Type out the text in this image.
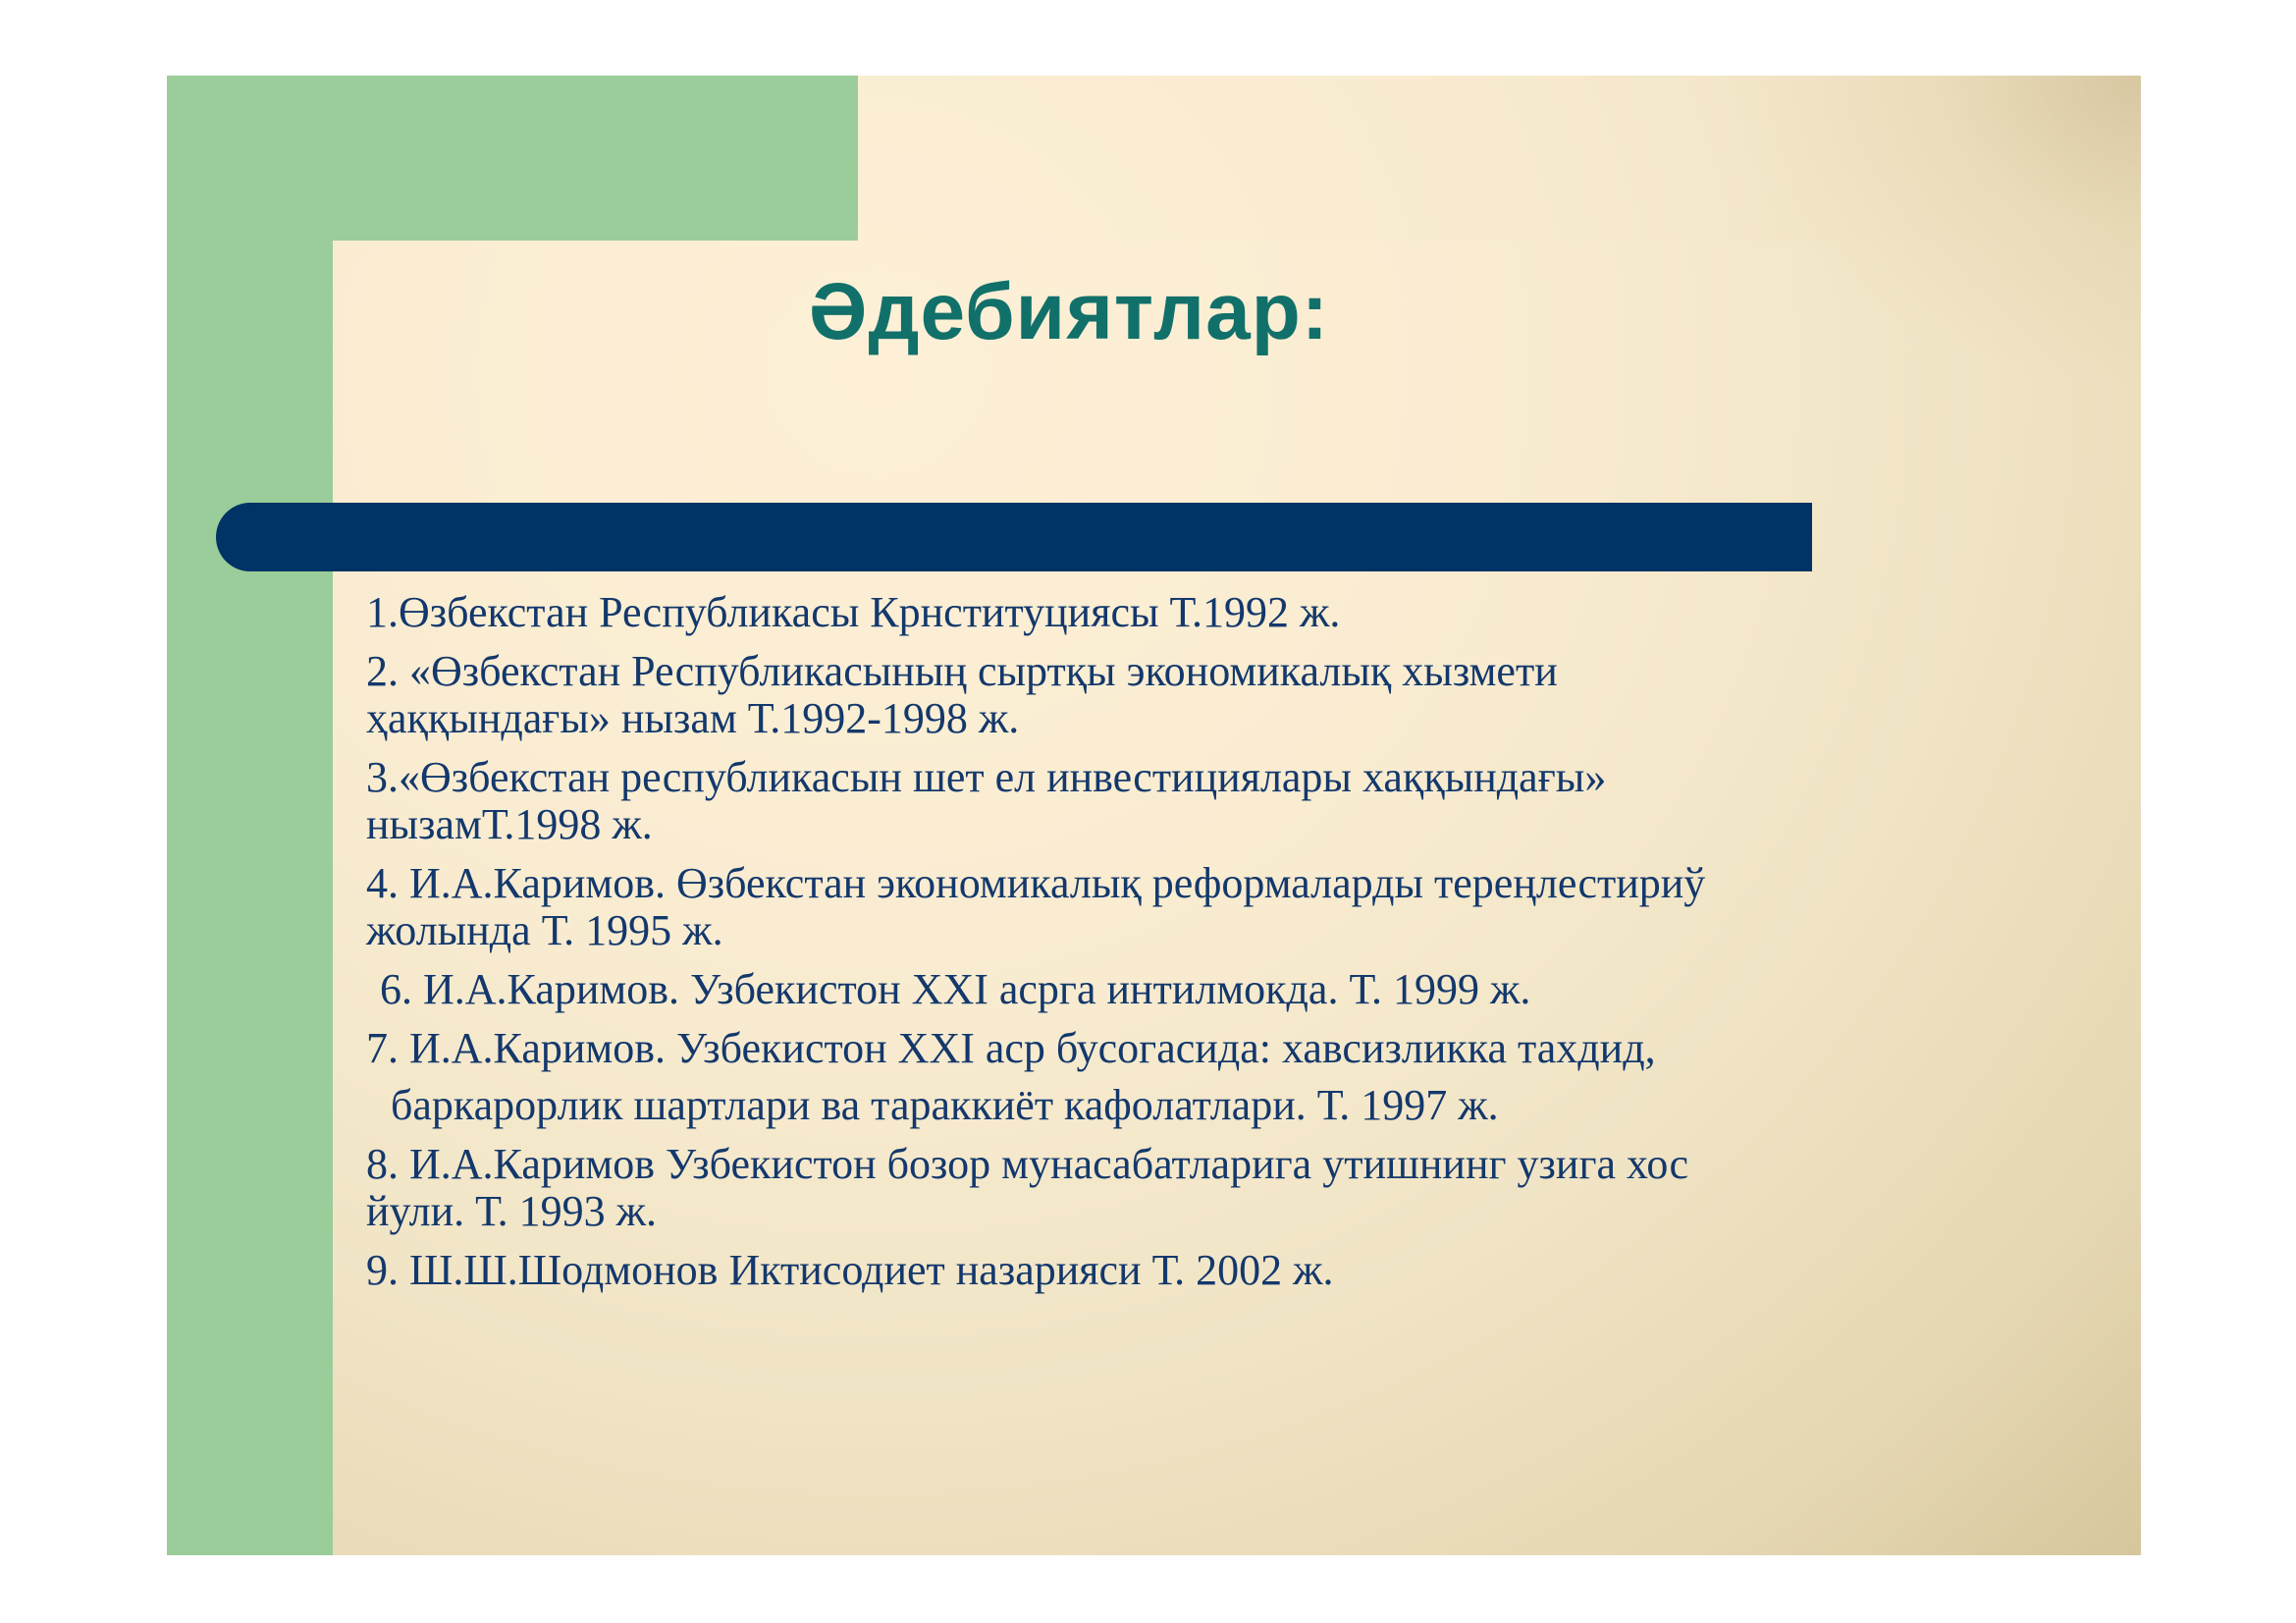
Әдебиятлар:
1.Өзбекстан Республикасы Крнституциясы Т.1992 ж.
2. «Өзбекстан Республикасының сыртқы экономикалық хызмети
ҳаққындағы» нызам Т.1992-1998 ж.
3.«Өзбекстан республикасын шет ел инвестициялары хаққындағы»
нызамТ.1998 ж.
4. И.А.Каримов. Өзбекстан экономикалық реформаларды тереңлестириў
жолында Т. 1995 ж.
6. И.А.Каримов. Узбекистон XXI асрга интилмокда. Т. 1999 ж.
7. И.А.Каримов. Узбекистон XXI аср бусогасида: хавсизликка тахдид,
баркарорлик шартлари ва тараккиёт кафолатлари. Т. 1997 ж.
8. И.А.Каримов Узбекистон бозор мунасабатларига утишнинг узига хос
йули. Т. 1993 ж.
9. Ш.Ш.Шодмонов Иктисодиет назарияси Т. 2002 ж.
